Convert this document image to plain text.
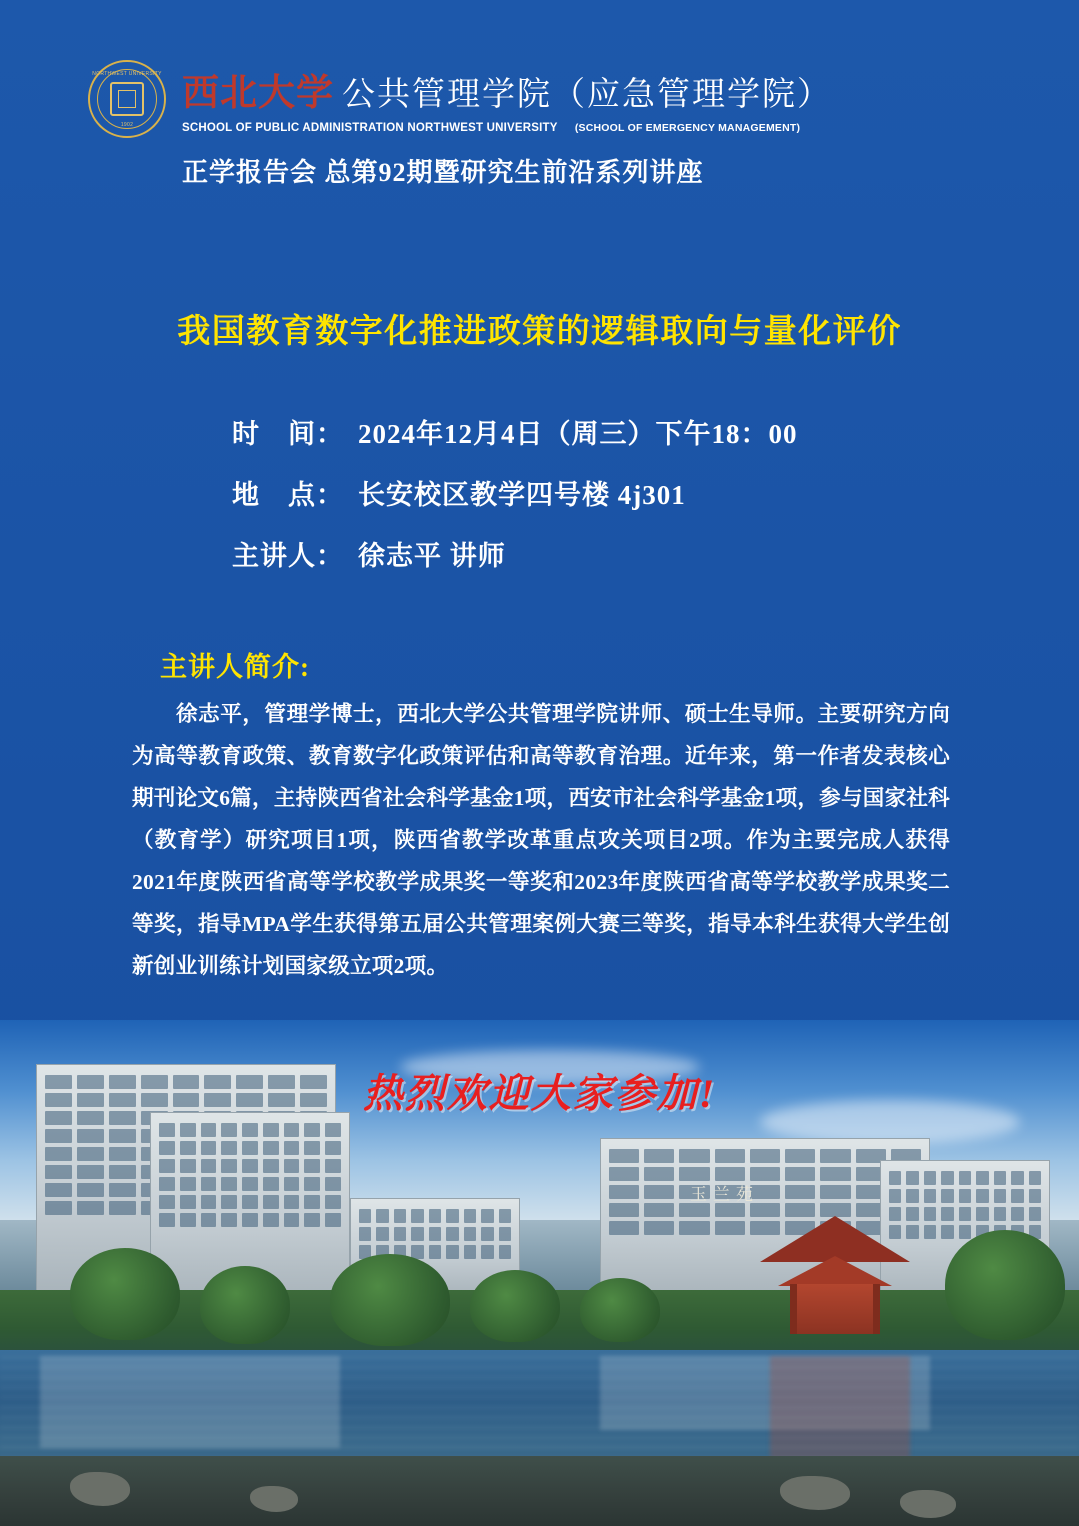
NORTHWEST UNIVERSITY
1902
西北大学 公共管理学院（应急管理学院）
SCHOOL OF PUBLIC ADMINISTRATION NORTHWEST UNIVERSITY (SCHOOL OF EMERGENCY MANAGEMENT)
正学报告会 总第92期暨研究生前沿系列讲座
我国教育数字化推进政策的逻辑取向与量化评价
时　间： 2024年12月4日（周三）下午18：00
地　点： 长安校区教学四号楼 4j301
主讲人： 徐志平 讲师
主讲人简介:
徐志平，管理学博士，西北大学公共管理学院讲师、硕士生导师。主要研究方向为高等教育政策、教育数字化政策评估和高等教育治理。近年来，第一作者发表核心期刊论文6篇，主持陕西省社会科学基金1项，西安市社会科学基金1项，参与国家社科（教育学）研究项目1项，陕西省教学改革重点攻关项目2项。作为主要完成人获得2021年度陕西省高等学校教学成果奖一等奖和2023年度陕西省高等学校教学成果奖二等奖，指导MPA学生获得第五届公共管理案例大赛三等奖，指导本科生获得大学生创新创业训练计划国家级立项2项。
玉兰苑
热烈欢迎大家参加!
